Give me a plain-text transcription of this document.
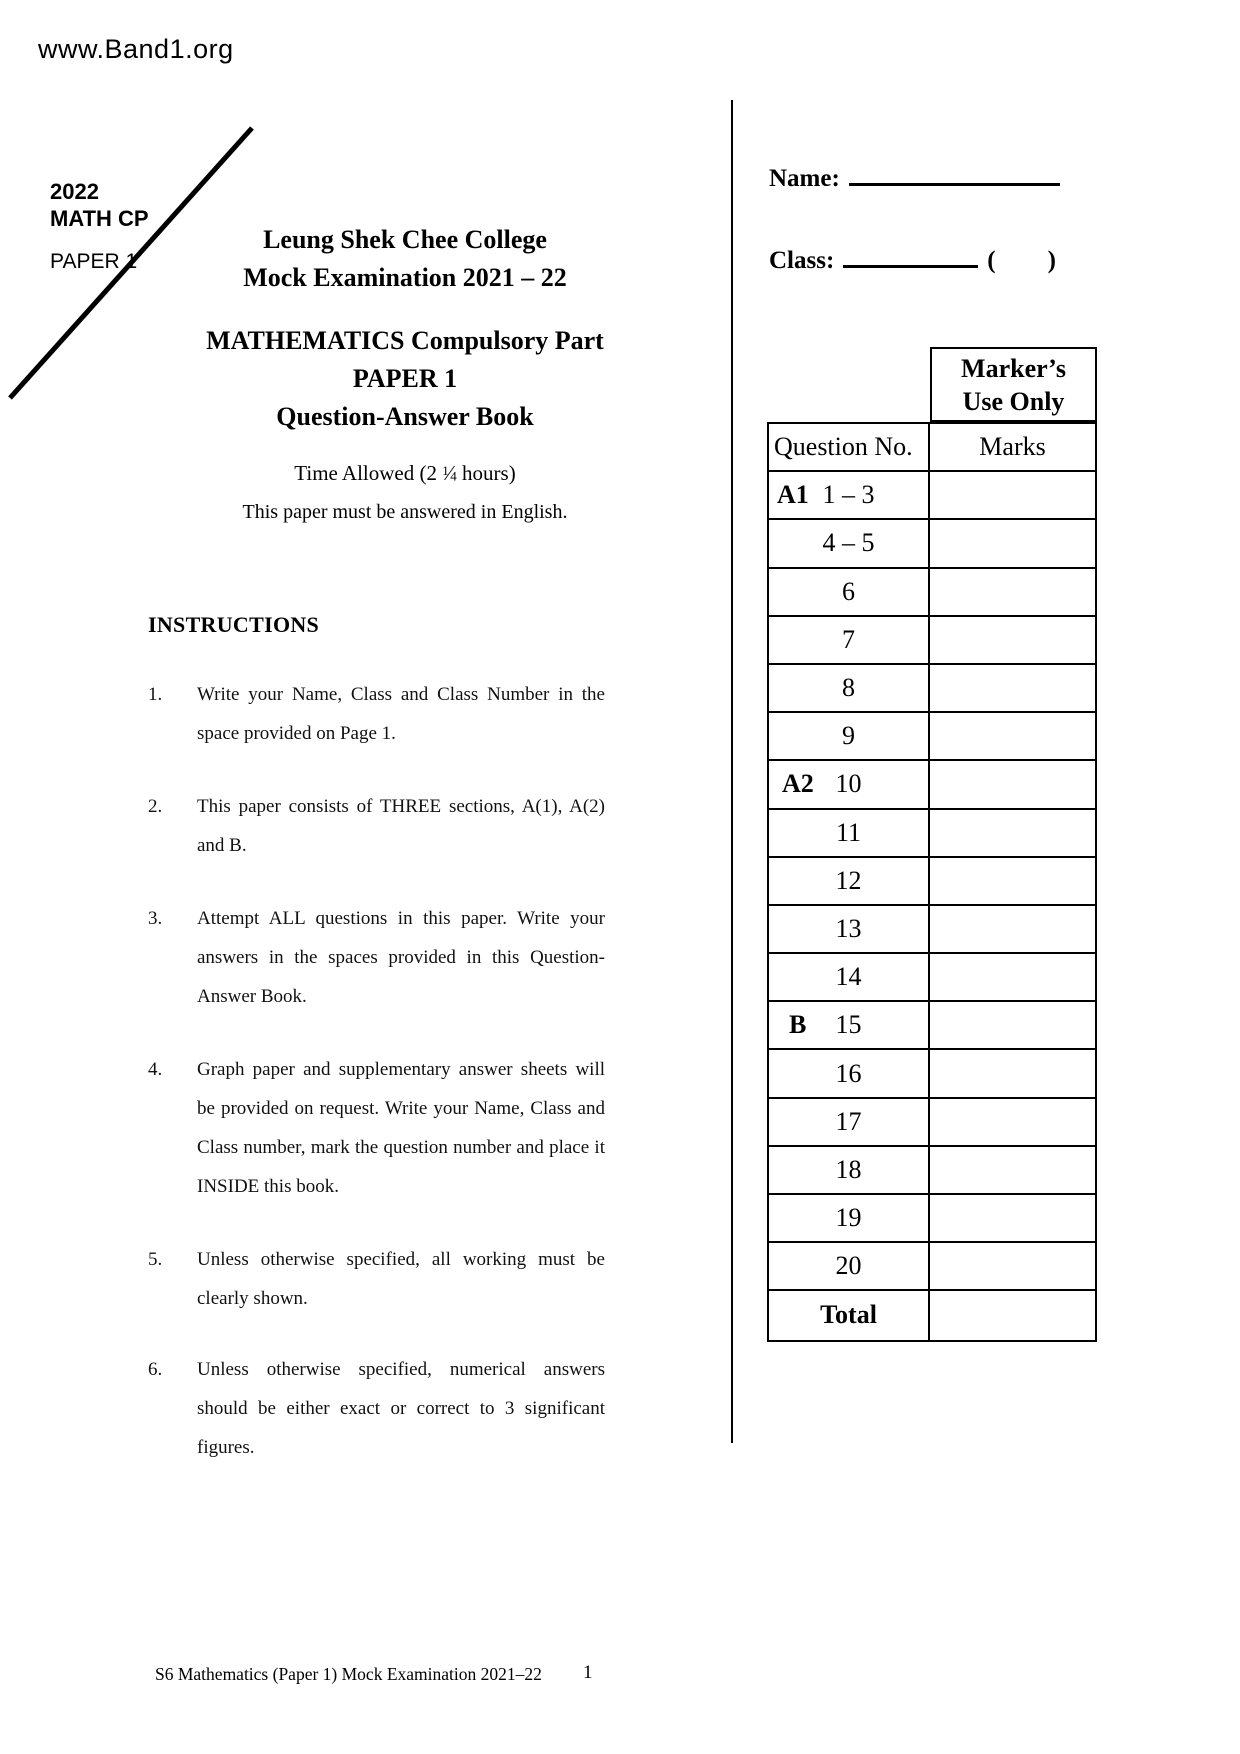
www.Band1.org
2022
MATH CP
PAPER 1
Leung Shek Chee College
Mock Examination 2021 – 22
MATHEMATICS Compulsory Part
PAPER 1
Question-Answer Book
Time Allowed (2 $^1$⁄4 hours)
This paper must be answered in English.
INSTRUCTIONS
1. Write your Name, Class and Class Number in the space provided on Page 1.
2. This paper consists of THREE sections, A(1), A(2) and B.
3. Attempt ALL questions in this paper. Write your answers in the spaces provided in this Question-Answer Book.
4. Graph paper and supplementary answer sheets will be provided on request. Write your Name, Class and Class number, mark the question number and place it INSIDE this book.
5. Unless otherwise specified, all working must be clearly shown.
6. Unless otherwise specified, numerical answers should be either exact or correct to 3 significant figures.
Name:
Class:	( )
Marker’s
Use Only
Question No.	Marks
A1 1 – 3
4 – 5
6
7
8
9
A2 10
11
12
13
14
B 15
16
17
18
19
20
Total
S6 Mathematics (Paper 1) Mock Examination 2021–22 1
